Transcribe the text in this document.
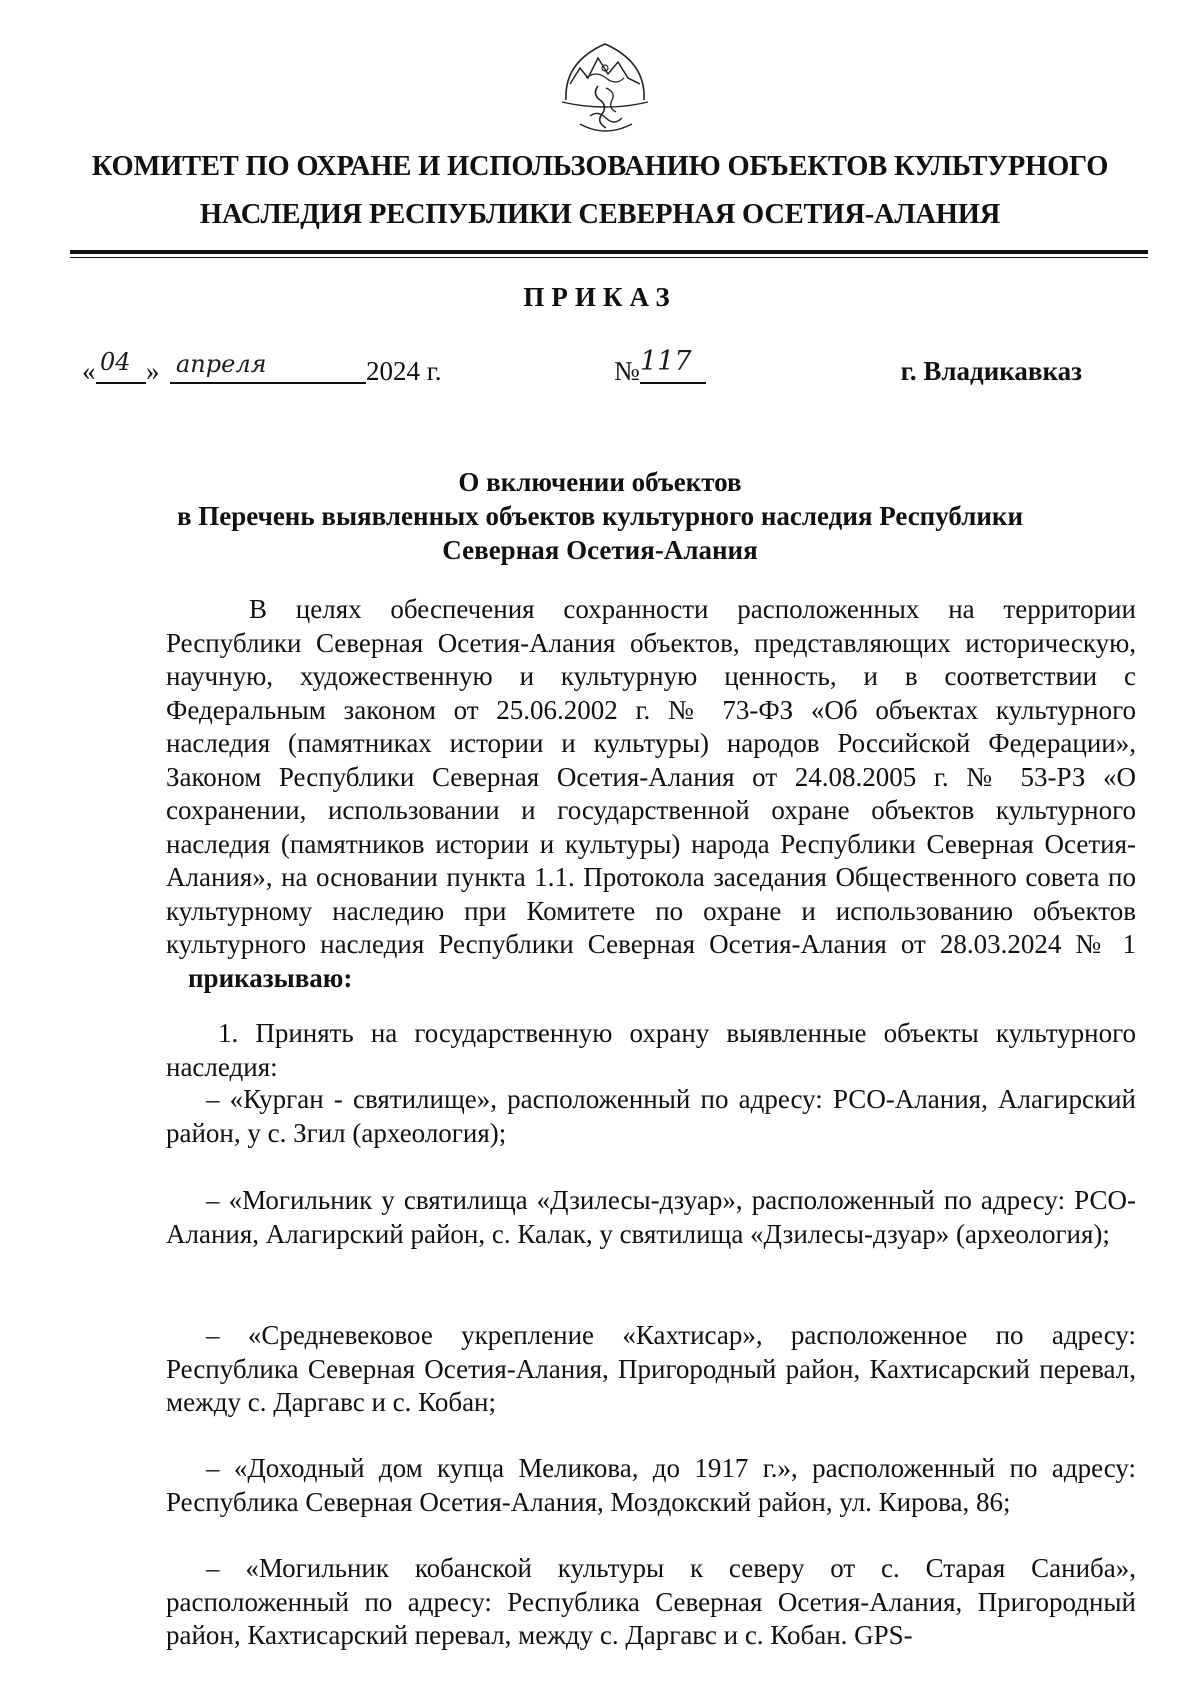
КОМИТЕТ ПО ОХРАНЕ И ИСПОЛЬЗОВАНИЮ ОБЪЕКТОВ КУЛЬТУРНОГО
НАСЛЕДИЯ РЕСПУБЛИКИ СЕВЕРНАЯ ОСЕТИЯ-АЛАНИЯ
ПРИКАЗ
« 04 » апреля	2024 г.	№ 117	г. Владикавказ
О включении объектов
в Перечень выявленных объектов культурного наследия Республики
Северная Осетия-Алания
В целях обеспечения сохранности расположенных на территории Республики Северная Осетия-Алания объектов, представляющих историческую, научную, художественную и культурную ценность, и в соответствии с Федеральным законом от 25.06.2002 г. № 73-ФЗ «Об объектах культурного наследия (памятниках истории и культуры) народов Российской Федерации», Законом Республики Северная Осетия-Алания от 24.08.2005 г. № 53-РЗ «О сохранении, использовании и государственной охране объектов культурного наследия (памятников истории и культуры) народа Республики Северная Осетия-Алания», на основании пункта 1.1. Протокола заседания Общественного совета по культурному наследию при Комитете по охране и использованию объектов культурного наследия Республики Северная Осетия-Алания от 28.03.2024 № 1 приказываю:
1. Принять на государственную охрану выявленные объекты культурного наследия:
– «Курган - святилище», расположенный по адресу: РСО-Алания, Алагирский район, у с. Згил (археология);
– «Могильник у святилища «Дзилесы-дзуар», расположенный по адресу: РСО-Алания, Алагирский район, с. Калак, у святилища «Дзилесы-дзуар» (археология);
– «Средневековое укрепление «Кахтисар», расположенное по адресу: Республика Северная Осетия-Алания, Пригородный район, Кахтисарский перевал, между с. Даргавс и с. Кобан;
– «Доходный дом купца Меликова, до 1917 г.», расположенный по адресу: Республика Северная Осетия-Алания, Моздокский район, ул. Кирова, 86;
– «Могильник кобанской культуры к северу от с. Старая Саниба», расположенный по адресу: Республика Северная Осетия-Алания, Пригородный район, Кахтисарский перевал, между с. Даргавс и с. Кобан. GPS-
